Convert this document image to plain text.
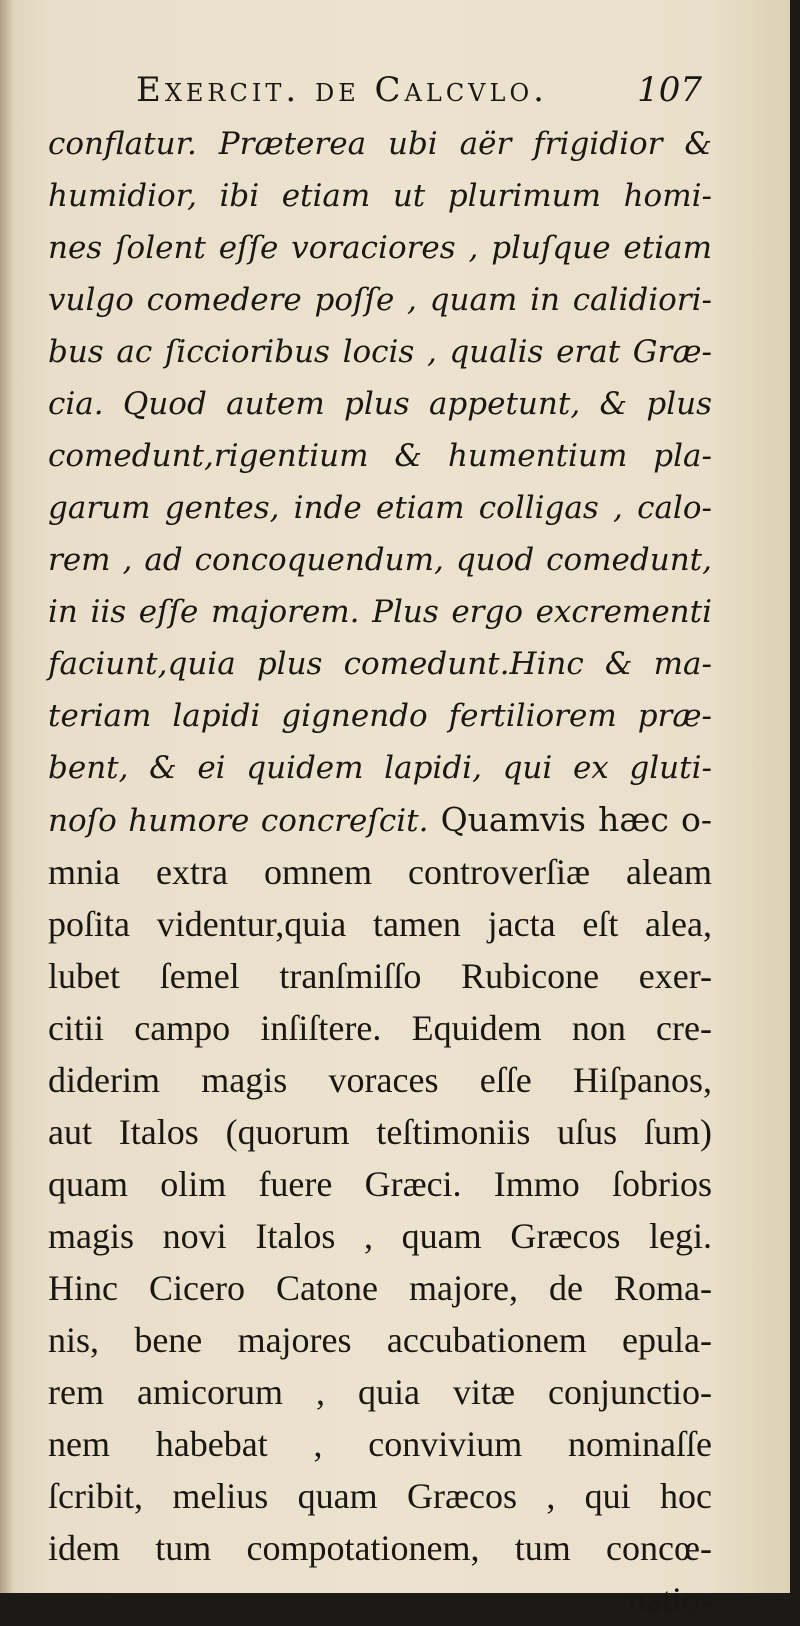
Exercit. de Calcvlo.	107
conflatur. Præterea ubi aër frigidior &
humidior, ibi etiam ut plurimum homi-
nes ſolent eſſe voraciores , pluſque etiam
vulgo comedere poſſe , quam in calidiori-
bus ac ſiccioribus locis , qualis erat Græ-
cia. Quod autem plus appetunt, & plus
comedunt,rigentium & humentium pla-
garum gentes, inde etiam colligas , calo-
rem , ad concoquendum, quod comedunt,
in iis eſſe majorem. Plus ergo excrementi
faciunt,quia plus comedunt.Hinc & ma-
teriam lapidi gignendo fertiliorem præ-
bent, & ei quidem lapidi, qui ex gluti-
noſo humore concreſcit. Quamvis hæc o-
mnia extra omnem controverſiæ aleam
poſita videntur,quia tamen jacta eſt alea,
lubet ſemel tranſmiſſo Rubicone exer-
citii campo inſiſtere. Equidem non cre-
diderim magis voraces eſſe Hiſpanos,
aut Italos (quorum teſtimoniis uſus ſum)
quam olim fuere Græci. Immo ſobrios
magis novi Italos , quam Græcos legi.
Hinc Cicero Catone majore, de Roma-
nis, bene majores accubationem epula-
rem amicorum , quia vitæ conjunctio-
nem habebat , convivium nominaſſe
ſcribit, melius quam Græcos , qui hoc
idem tum compotationem, tum concœ-
natio-
